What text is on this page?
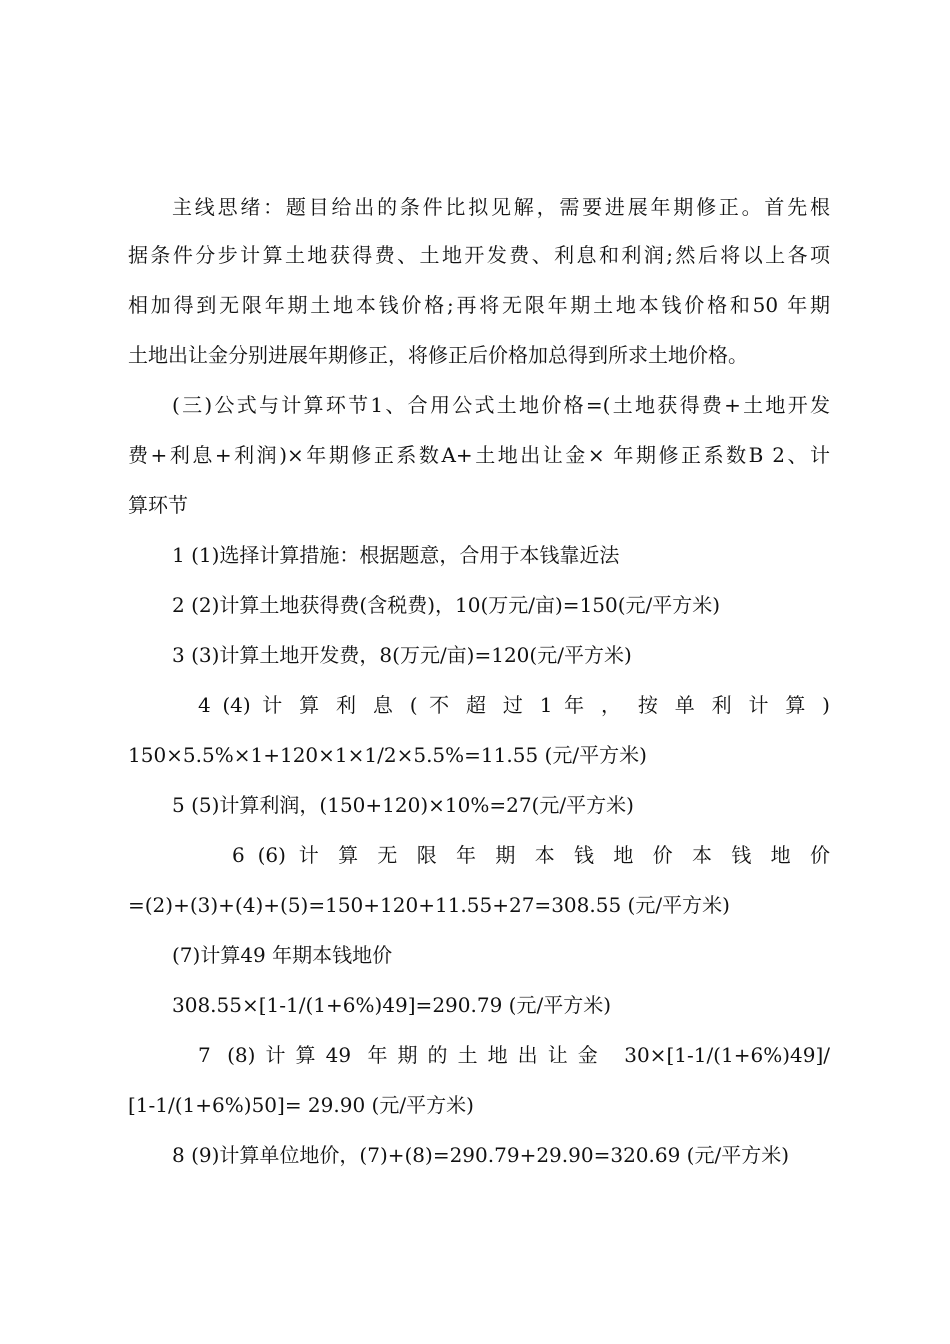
主线思绪：题目给出的条件比拟见解，需要进展年期修正。首先根
据条件分步计算土地获得费、土地开发费、利息和利润;然后将以上各项
相加得到无限年期土地本钱价格;再将无限年期土地本钱价格和50 年期
土地出让金分别进展年期修正，将修正后价格加总得到所求土地价格。
(三)公式与计算环节1、合用公式土地价格=(土地获得费+土地开发
费+利息+利润)×年期修正系数A+土地出让金× 年期修正系数B 2、计
算环节
1 (1)选择计算措施：根据题意，合用于本钱靠近法
2 (2)计算土地获得费(含税费)，10(万元/亩)=150(元/平方米)
3 (3)计算土地开发费，8(万元/亩)=120(元/平方米)
4 (4) 计 算 利 息 ( 不 超 过 1 年 ， 按 单 利 计 算 )
150×5.5%×1+120×1×1/2×5.5%=11.55 (元/平方米)
5 (5)计算利润，(150+120)×10%=27(元/平方米)
6 (6) 计 算 无 限 年 期 本 钱 地 价 本 钱 地 价
=(2)+(3)+(4)+(5)=150+120+11.55+27=308.55 (元/平方米)
(7)计算49 年期本钱地价
308.55×[1-1/(1+6%)49]=290.79 (元/平方米)
7 (8)计算49 年期的土地出让金 30×[1-1/(1+6%)49]/
[1-1/(1+6%)50]= 29.90 (元/平方米)
8 (9)计算单位地价，(7)+(8)=290.79+29.90=320.69 (元/平方米)
